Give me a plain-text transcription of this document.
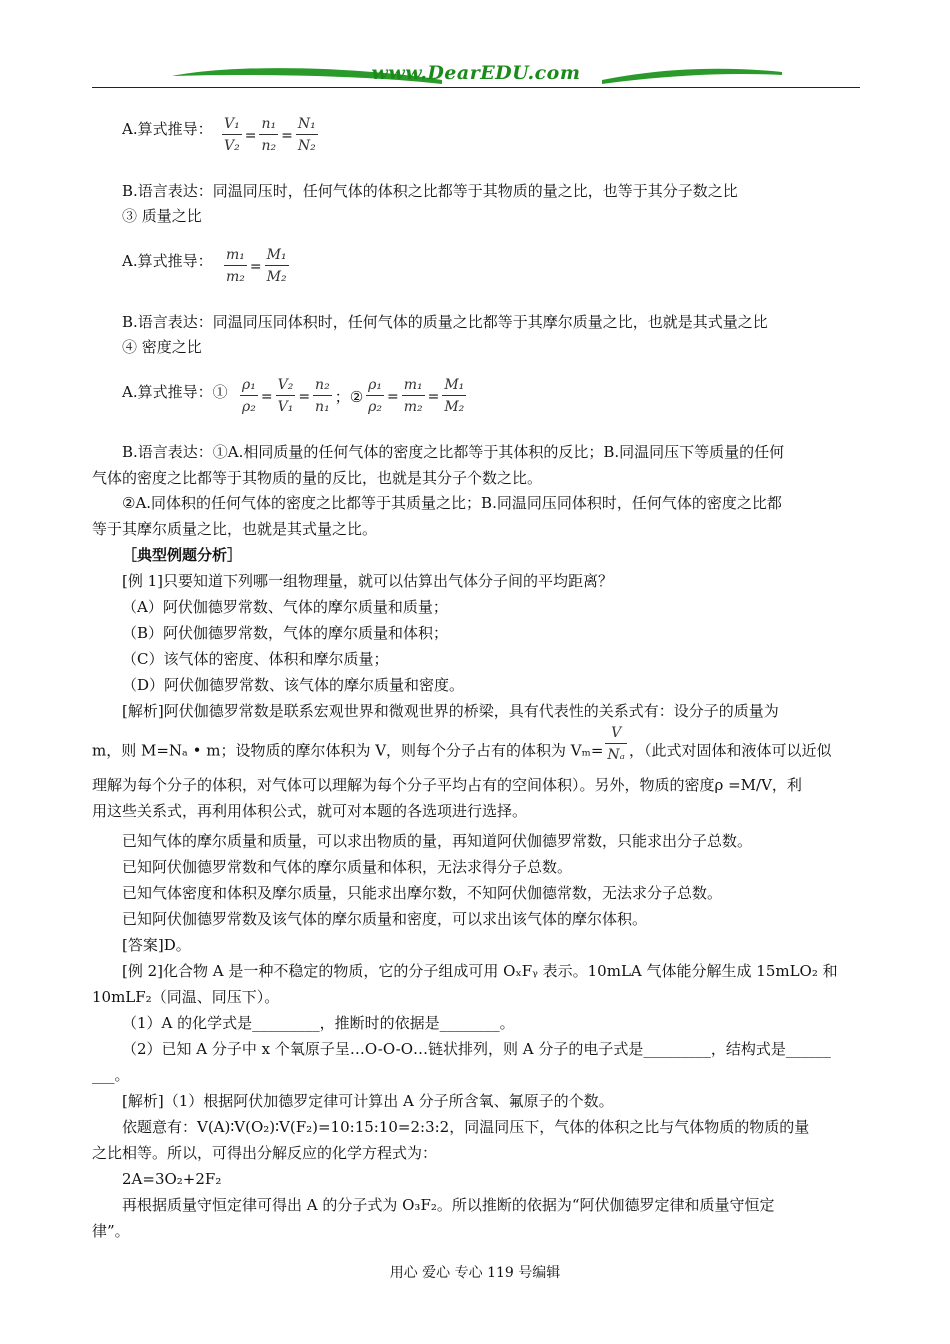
www.DearEDU.com
A.算式推导： $\frac{\text{V₁}}{\text{V₂}} = \frac{\text{n₁}}{\text{n₂}} = \frac{\text{N₁}}{\text{N₂}}$
B.语言表达：同温同压时，任何气体的体积之比都等于其物质的量之比，也等于其分子数之比
③ 质量之比
A.算式推导： $\frac{\text{m₁}}{\text{m₂}} = \frac{\text{M₁}}{\text{M₂}}$
B.语言表达：同温同压同体积时，任何气体的质量之比都等于其摩尔质量之比，也就是其式量之比
④ 密度之比
A.算式推导：① $\frac{\text{ρ₁}}{\text{ρ₂}} = \frac{\text{V₂}}{\text{V₁}} = \frac{\text{n₂}}{\text{n₁}}$ ；② $\frac{\text{ρ₁}}{\text{ρ₂}} = \frac{\text{m₁}}{\text{m₂}} = \frac{\text{M₁}}{\text{M₂}}$
B.语言表达：①A.相同质量的任何气体的密度之比都等于其体积的反比；B.同温同压下等质量的任何
气体的密度之比都等于其物质的量的反比，也就是其分子个数之比。
②A.同体积的任何气体的密度之比都等于其质量之比；B.同温同压同体积时，任何气体的密度之比都
等于其摩尔质量之比，也就是其式量之比。
［典型例题分析］
[例 1]只要知道下列哪一组物理量，就可以估算出气体分子间的平均距离？
（A）阿伏伽德罗常数、气体的摩尔质量和质量；
（B）阿伏伽德罗常数，气体的摩尔质量和体积；
（C）该气体的密度、体积和摩尔质量；
（D）阿伏伽德罗常数、该气体的摩尔质量和密度。
[解析]阿伏伽德罗常数是联系宏观世界和微观世界的桥梁，具有代表性的关系式有：设分子的质量为
m，则 M=Nₐ • m；设物质的摩尔体积为 V，则每个分子占有的体积为 $V_m= \frac{V}{\text{Nₐ}}$ ，（此式对固体和液体可以近似
理解为每个分子的体积，对气体可以理解为每个分子平均占有的空间体积）。另外，物质的密度ρ =M/V，利
用这些关系式，再利用体积公式，就可对本题的各选项进行选择。
已知气体的摩尔质量和质量，可以求出物质的量，再知道阿伏伽德罗常数，只能求出分子总数。
已知阿伏伽德罗常数和气体的摩尔质量和体积，无法求得分子总数。
已知气体密度和体积及摩尔质量，只能求出摩尔数，不知阿伏伽德常数，无法求分子总数。
已知阿伏伽德罗常数及该气体的摩尔质量和密度，可以求出该气体的摩尔体积。
[答案]D。
[例 2]化合物 A 是一种不稳定的物质，它的分子组成可用 OₓFᵧ 表示。10mLA 气体能分解生成 15mLO₂ 和
10mLF₂（同温、同压下）。
（1）A 的化学式是_________，推断时的依据是________。
（2）已知 A 分子中 x 个氧原子呈…O-O-O…链状排列，则 A 分子的电子式是_________，结构式是______
___。
[解析]（1）根据阿伏加德罗定律可计算出 A 分子所含氧、氟原子的个数。
依题意有：V(A)∶V(O₂)∶V(F₂)=10:15:10=2:3:2，同温同压下，气体的体积之比与气体物质的物质的量
之比相等。所以，可得出分解反应的化学方程式为：
2A=3O₂+2F₂
再根据质量守恒定律可得出 A 的分子式为 O₃F₂。所以推断的依据为“阿伏伽德罗定律和质量守恒定
律”。
用心 爱心 专心 119 号编辑
